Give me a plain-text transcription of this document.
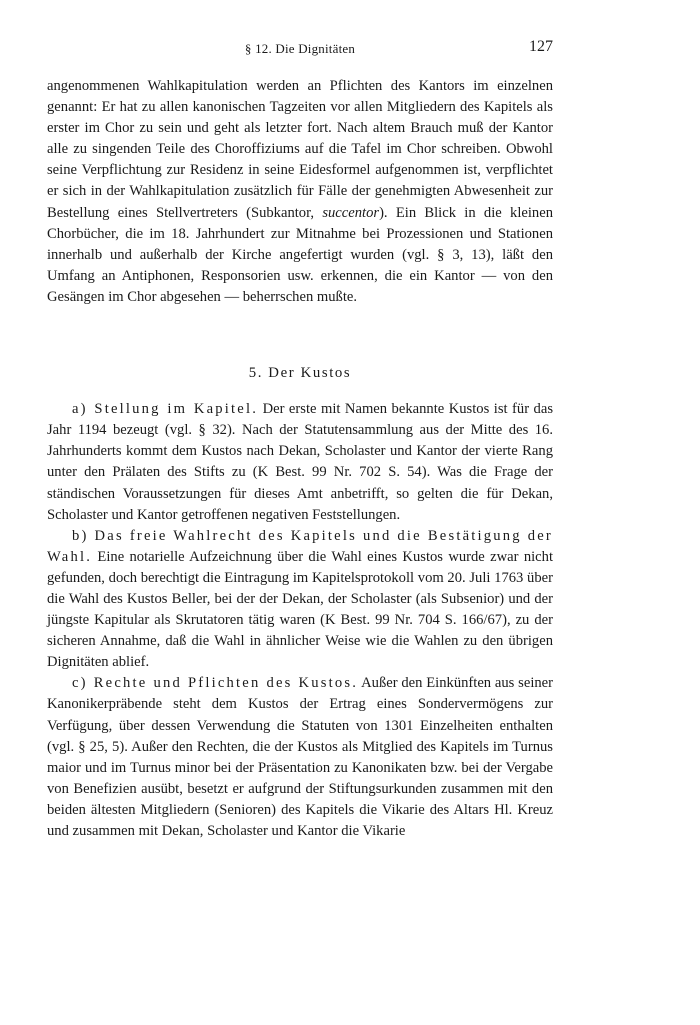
§ 12. Die Dignitäten	127

angenommenen Wahlkapitulation werden an Pflichten des Kantors im einzelnen genannt: Er hat zu allen kanonischen Tagzeiten vor allen Mitgliedern des Kapitels als erster im Chor zu sein und geht als letzter fort. Nach altem Brauch muß der Kantor alle zu singenden Teile des Choroffiziums auf die Tafel im Chor schreiben. Obwohl seine Verpflichtung zur Residenz in seine Eidesformel aufgenommen ist, verpflichtet er sich in der Wahlkapitulation zusätzlich für Fälle der genehmigten Abwesenheit zur Bestellung eines Stellvertreters (Subkantor, succentor). Ein Blick in die kleinen Chorbücher, die im 18. Jahrhundert zur Mitnahme bei Prozessionen und Stationen innerhalb und außerhalb der Kirche angefertigt wurden (vgl. § 3, 13), läßt den Umfang an Antiphonen, Responsorien usw. erkennen, die ein Kantor — von den Gesängen im Chor abgesehen — beherrschen mußte.

5. Der Kustos

a) Stellung im Kapitel. Der erste mit Namen bekannte Kustos ist für das Jahr 1194 bezeugt (vgl. § 32). Nach der Statutensammlung aus der Mitte des 16. Jahrhunderts kommt dem Kustos nach Dekan, Scholaster und Kantor der vierte Rang unter den Prälaten des Stifts zu (K Best. 99 Nr. 702 S. 54). Was die Frage der ständischen Voraussetzungen für dieses Amt anbetrifft, so gelten die für Dekan, Scholaster und Kantor getroffenen negativen Feststellungen.

b) Das freie Wahlrecht des Kapitels und die Bestätigung der Wahl. Eine notarielle Aufzeichnung über die Wahl eines Kustos wurde zwar nicht gefunden, doch berechtigt die Eintragung im Kapitelsprotokoll vom 20. Juli 1763 über die Wahl des Kustos Beller, bei der der Dekan, der Scholaster (als Subsenior) und der jüngste Kapitular als Skrutatoren tätig waren (K Best. 99 Nr. 704 S. 166/67), zu der sicheren Annahme, daß die Wahl in ähnlicher Weise wie die Wahlen zu den übrigen Dignitäten ablief.

c) Rechte und Pflichten des Kustos. Außer den Einkünften aus seiner Kanonikerpräbende steht dem Kustos der Ertrag eines Sondervermögens zur Verfügung, über dessen Verwendung die Statuten von 1301 Einzelheiten enthalten (vgl. § 25, 5). Außer den Rechten, die der Kustos als Mitglied des Kapitels im Turnus maior und im Turnus minor bei der Präsentation zu Kanonikaten bzw. bei der Vergabe von Benefizien ausübt, besetzt er aufgrund der Stiftungsurkunden zusammen mit den beiden ältesten Mitgliedern (Senioren) des Kapitels die Vikarie des Altars Hl. Kreuz und zusammen mit Dekan, Scholaster und Kantor die Vikarie
